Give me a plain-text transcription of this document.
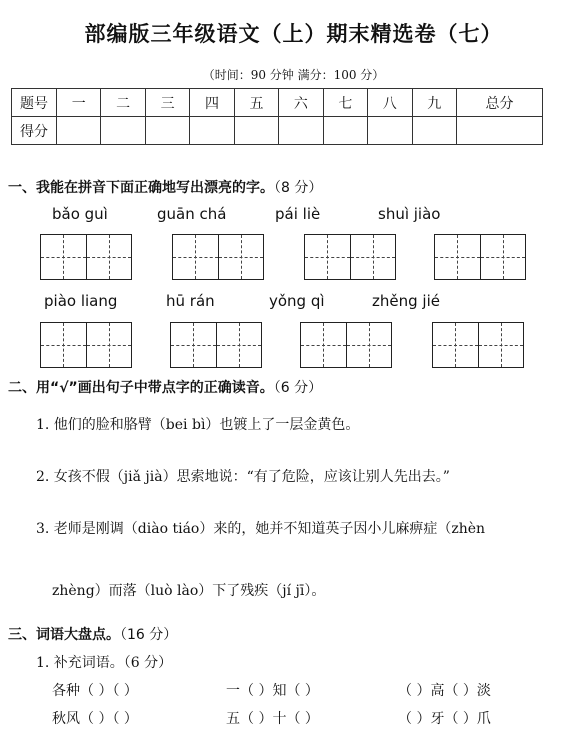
部编版三年级语文（上）期末精选卷（七）
（时间：90 分钟 满分：100 分）
题号	一	二	三	四	五	六	七	八	九	总分
得分										
一、我能在拼音下面正确地写出漂亮的字。（8 分）
bǎo guì	guān chá	pái liè	shuì jiào
piào liang	hū rán	yǒng qì	zhěng jié
二、用“√”画出句子中带点字的正确读音。（6 分）
1. 他们的脸和胳臂（bei bì）也镀上了一层金黄色。
2. 女孩不假（jiǎ jià）思索地说：“有了危险，应该让别人先出去。”
3. 老师是刚调（diào tiáo）来的，她并不知道英子因小儿麻痹症（zhèn
zhèng）而落（luò lào）下了残疾（jí jī）。
三、词语大盘点。（16 分）
1. 补充词语。（6 分）
各种（ ）（ ）	一（ ）知（ ）	（ ）高（ ）淡
秋风（ ）（ ）	五（ ）十（ ）	（ ）牙（ ）爪
